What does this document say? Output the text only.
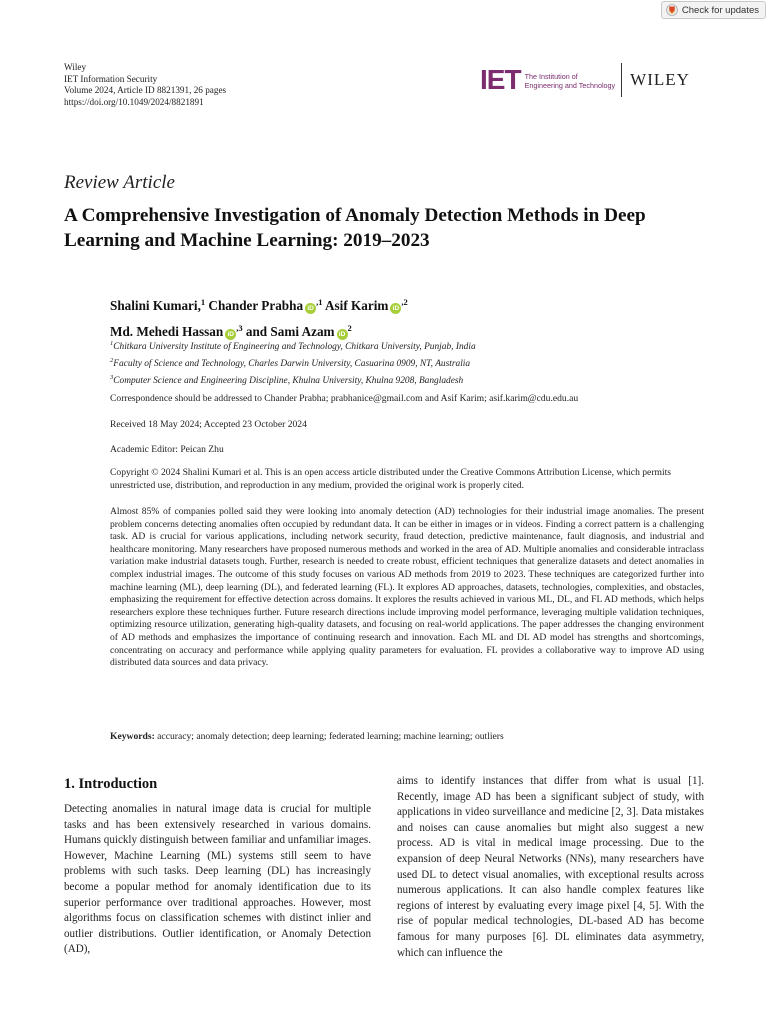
Check for updates
Wiley
IET Information Security
Volume 2024, Article ID 8821391, 26 pages
https://doi.org/10.1049/2024/8821891
IET The Institution of
Engineering and Technology WILEY
Review Article
A Comprehensive Investigation of Anomaly Detection Methods in Deep Learning and Machine Learning: 2019–2023
Shalini Kumari,$^1$ Chander Prabha $iD^{,1}$ Asif Karim $iD^{,2}$
Md. Mehedi Hassan $iD^{,3}$ and Sami Azam $iD^2$
$^1$Chitkara University Institute of Engineering and Technology, Chitkara University, Punjab, India
$^2$Faculty of Science and Technology, Charles Darwin University, Casuarina 0909, NT, Australia
$^3$Computer Science and Engineering Discipline, Khulna University, Khulna 9208, Bangladesh
Correspondence should be addressed to Chander Prabha; prabhanice@gmail.com and Asif Karim; asif.karim@cdu.edu.au
Received 18 May 2024; Accepted 23 October 2024
Academic Editor: Peican Zhu
Copyright © 2024 Shalini Kumari et al. This is an open access article distributed under the Creative Commons Attribution License, which permits unrestricted use, distribution, and reproduction in any medium, provided the original work is properly cited.

Almost 85% of companies polled said they were looking into anomaly detection (AD) technologies for their industrial image anomalies. The present problem concerns detecting anomalies often occupied by redundant data. It can be either in images or in videos. Finding a correct pattern is a challenging task. AD is crucial for various applications, including network security, fraud detection, predictive maintenance, fault diagnosis, and industrial and healthcare monitoring. Many researchers have proposed numerous methods and worked in the area of AD. Multiple anomalies and considerable intraclass variation make industrial datasets tough. Further, research is needed to create robust, efficient techniques that generalize datasets and detect anomalies in complex industrial images. The outcome of this study focuses on various AD methods from 2019 to 2023. These techniques are categorized further into machine learning (ML), deep learning (DL), and federated learning (FL). It explores AD approaches, datasets, technologies, complexities, and obstacles, emphasizing the requirement for effective detection across domains. It explores the results achieved in various ML, DL, and FL AD methods, which helps researchers explore these techniques further. Future research directions include improving model performance, leveraging multiple validation techniques, optimizing resource utilization, generating high-quality datasets, and focusing on real-world applications. The paper addresses the changing environment of AD methods and emphasizes the importance of continuing research and innovation. Each ML and DL AD model has strengths and shortcomings, concentrating on accuracy and performance while applying quality parameters for evaluation. FL provides a collaborative way to improve AD using distributed data sources and data privacy.

Keywords: accuracy; anomaly detection; deep learning; federated learning; machine learning; outliers
1. Introduction

Detecting anomalies in natural image data is crucial for multiple tasks and has been extensively researched in various domains. Humans quickly distinguish between familiar and unfamiliar images. However, Machine Learning (ML) systems still seem to have problems with such tasks. Deep learning (DL) has increasingly become a popular method for anomaly identification due to its superior performance over traditional approaches. However, most algorithms focus on classification schemes with distinct inlier and outlier distributions. Outlier identification, or Anomaly Detection (AD),

aims to identify instances that differ from what is usual [1]. Recently, image AD has been a significant subject of study, with applications in video surveillance and medicine [2, 3]. Data mistakes and noises can cause anomalies but might also suggest a new process. AD is vital in medical image processing. Due to the expansion of deep Neural Networks (NNs), many researchers have used DL to detect visual anomalies, with exceptional results across numerous applications. It can also handle complex features like regions of interest by evaluating every image pixel [4, 5]. With the rise of popular medical technologies, DL-based AD has become famous for many purposes [6]. DL eliminates data asymmetry, which can influence the
